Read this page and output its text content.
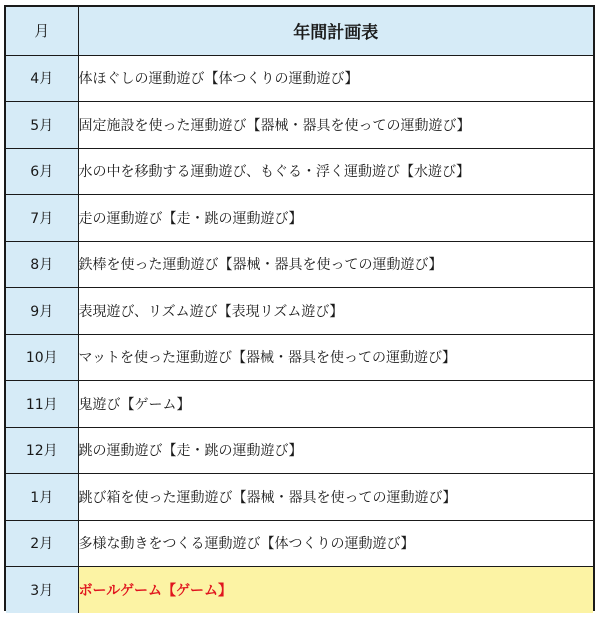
月	年間計画表
4月	体ほぐしの運動遊び【体つくりの運動遊び】
5月	固定施設を使った運動遊び【器械・器具を使っての運動遊び】
6月	水の中を移動する運動遊び、もぐる・浮く運動遊び【水遊び】
7月	走の運動遊び【走・跳の運動遊び】
8月	鉄棒を使った運動遊び【器械・器具を使っての運動遊び】
9月	表現遊び、リズム遊び【表現リズム遊び】
10月	マットを使った運動遊び【器械・器具を使っての運動遊び】
11月	鬼遊び【ゲーム】
12月	跳の運動遊び【走・跳の運動遊び】
1月	跳び箱を使った運動遊び【器械・器具を使っての運動遊び】
2月	多様な動きをつくる運動遊び【体つくりの運動遊び】
3月	ボールゲーム【ゲーム】
